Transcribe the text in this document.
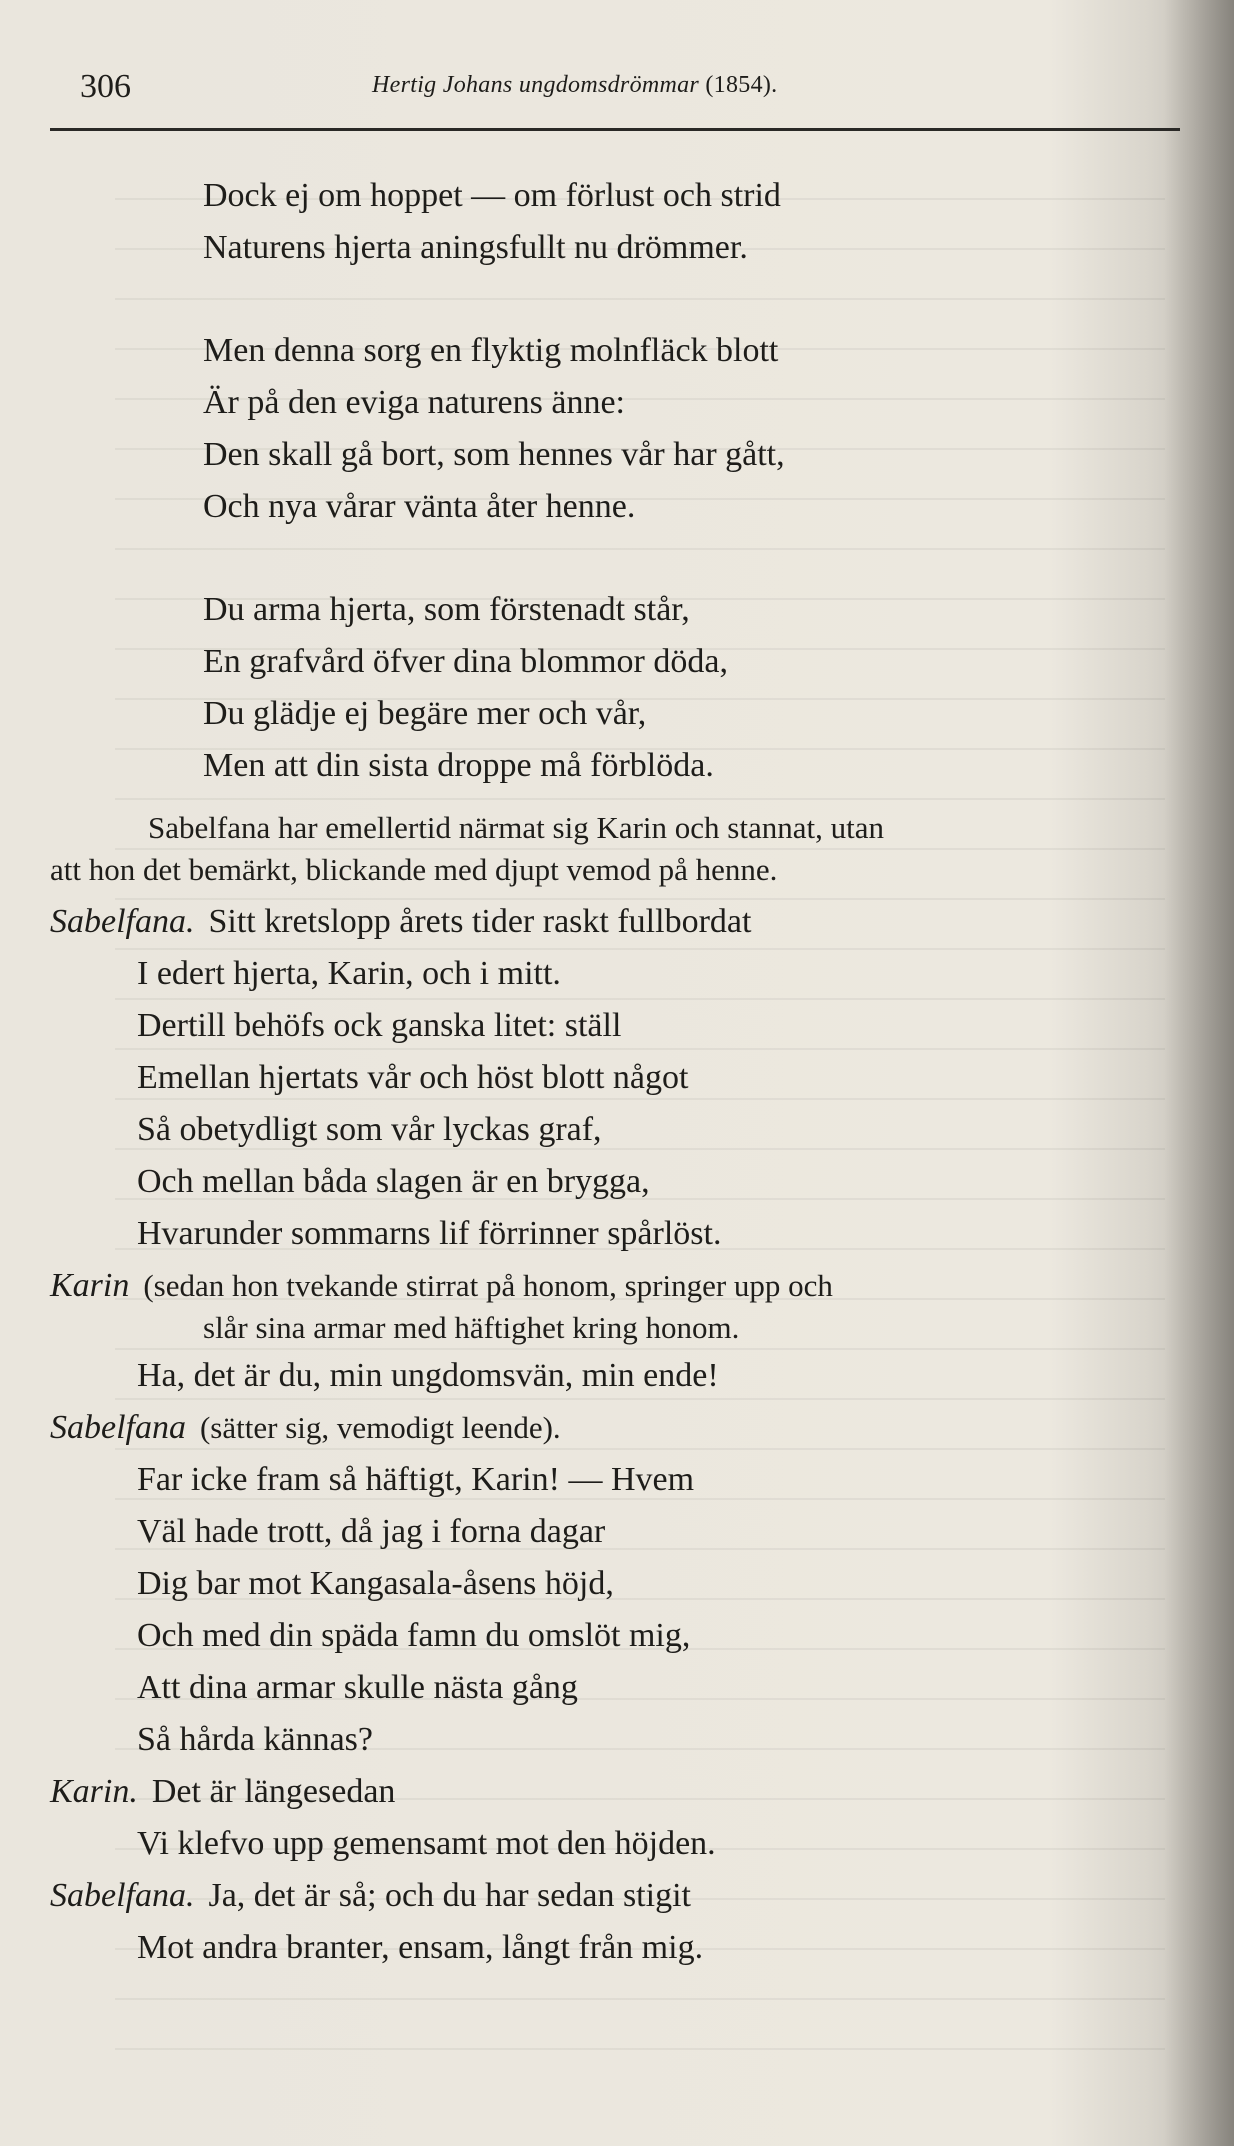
306	Hertig Johans ungdomsdrömmar (1854).
Dock ej om hoppet — om förlust och strid
Naturens hjerta aningsfullt nu drömmer.
Men denna sorg en flyktig molnfläck blott
Är på den eviga naturens änne:
Den skall gå bort, som hennes vår har gått,
Och nya vårar vänta åter henne.
Du arma hjerta, som förstenadt står,
En grafvård öfver dina blommor döda,
Du glädje ej begäre mer och vår,
Men att din sista droppe må förblöda.
Sabelfana har emellertid närmat sig Karin och stannat, utan
att hon det bemärkt, blickande med djupt vemod på henne.
Sabelfana. Sitt kretslopp årets tider raskt fullbordat
I edert hjerta, Karin, och i mitt.
Dertill behöfs ock ganska litet: ställ
Emellan hjertats vår och höst blott något
Så obetydligt som vår lyckas graf,
Och mellan båda slagen är en brygga,
Hvarunder sommarns lif förrinner spårlöst.
Karin (sedan hon tvekande stirrat på honom, springer upp och
slår sina armar med häftighet kring honom.
Ha, det är du, min ungdomsvän, min ende!
Sabelfana (sätter sig, vemodigt leende).
Far icke fram så häftigt, Karin! — Hvem
Väl hade trott, då jag i forna dagar
Dig bar mot Kangasala-åsens höjd,
Och med din späda famn du omslöt mig,
Att dina armar skulle nästa gång
Så hårda kännas?
Karin. Det är längesedan
Vi klefvo upp gemensamt mot den höjden.
Sabelfana. Ja, det är så; och du har sedan stigit
Mot andra branter, ensam, långt från mig.
